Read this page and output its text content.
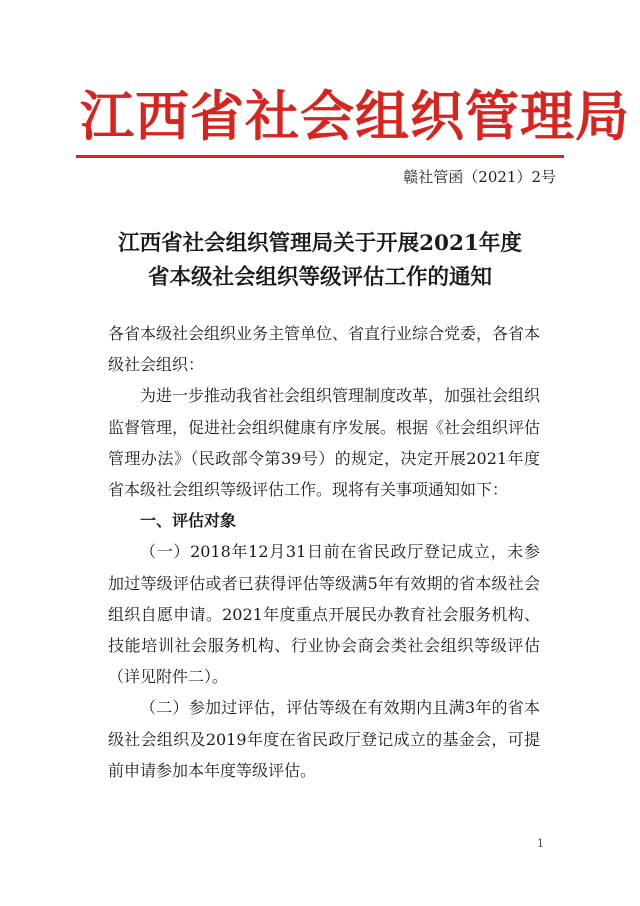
江西省社会组织管理局
赣社管函（2021）2号
江西省社会组织管理局关于开展2021年度
省本级社会组织等级评估工作的通知

各省本级社会组织业务主管单位、省直行业综合党委，各省本级社会组织：

为进一步推动我省社会组织管理制度改革，加强社会组织监督管理，促进社会组织健康有序发展。根据《社会组织评估管理办法》（民政部令第39号）的规定，决定开展2021年度省本级社会组织等级评估工作。现将有关事项通知如下：

一、评估对象

（一）2018年12月31日前在省民政厅登记成立，未参加过等级评估或者已获得评估等级满5年有效期的省本级社会组织自愿申请。2021年度重点开展民办教育社会服务机构、技能培训社会服务机构、行业协会商会类社会组织等级评估（详见附件二）。

（二）参加过评估，评估等级在有效期内且满3年的省本级社会组织及2019年度在省民政厅登记成立的基金会，可提前申请参加本年度等级评估。

1
